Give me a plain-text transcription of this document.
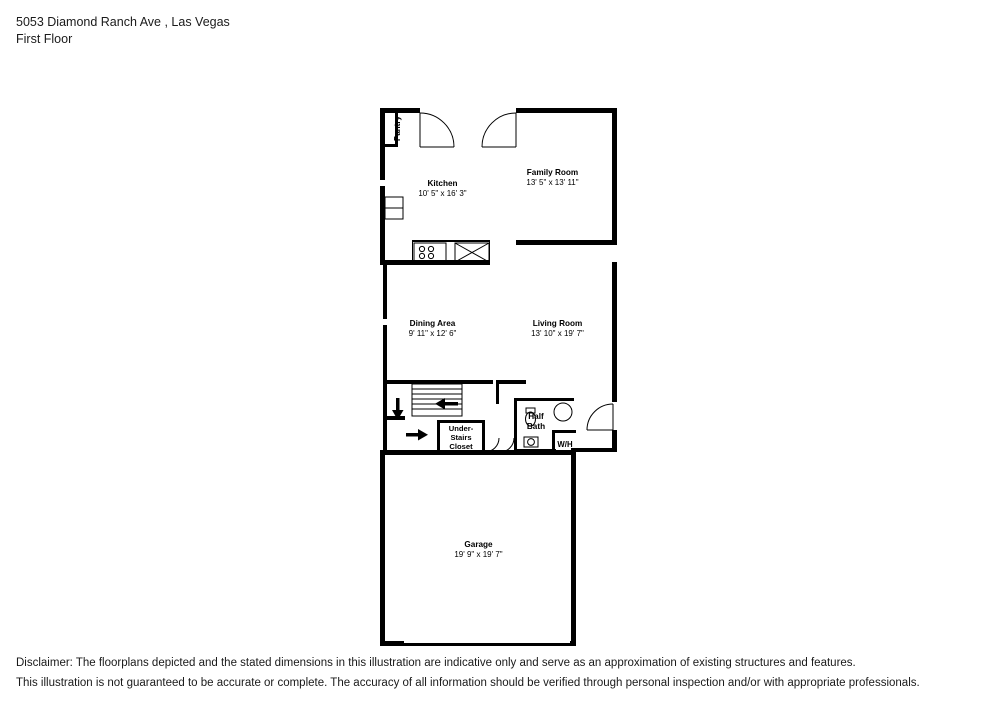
5053 Diamond Ranch Ave , Las Vegas
First Floor
Kitchen
10' 5" x 16' 3"
Family Room
13' 5" x 13' 11"
Dining Area
9' 11" x 12' 6"
Living Room
13' 10" x 19' 7"
Garage
19' 9" x 19' 7"
Pantry
Half
Bath
W/H
Under-
Stairs
Closet
Disclaimer: The floorplans depicted and the stated dimensions in this illustration are indicative only and serve as an approximation of existing structures and features.
This illustration is not guaranteed to be accurate or complete. The accuracy of all information should be verified through personal inspection and/or with appropriate professionals.
